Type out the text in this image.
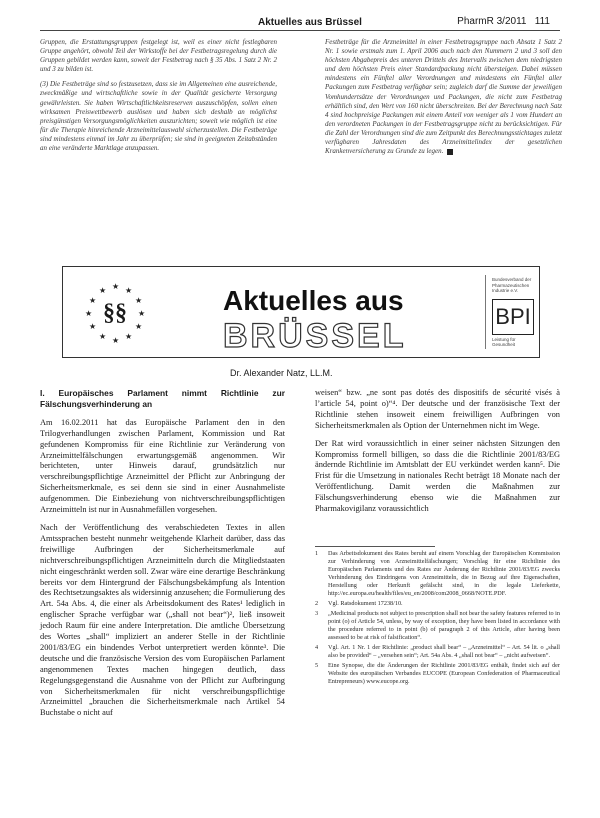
Aktuelles aus Brüssel	PharmR 3/2011 111

Gruppen, die Erstattungsgruppen festgelegt ist, weil es einer nicht festlegbaren Gruppe angehört, obwohl Teil der Wirkstoffe bei der Festbetragsregelung durch die Gruppen gebildet werden kann, soweit der Festbetrag nach § 35 Abs. 1 Satz 2 Nr. 2 und 3 zu bilden ist.

(3) Die Festbeträge sind so festzusetzen, dass sie im Allgemeinen eine ausreichende, zweckmäßige und wirtschaftliche sowie in der Qualität gesicherte Versorgung gewährleisten. Sie haben Wirtschaftlichkeitsreserven auszuschöpfen, sollen einen wirksamen Preiswettbewerb auslösen und haben sich deshalb an möglichst preisgünstigen Versorgungsmöglichkeiten auszurichten; soweit wie möglich ist eine für die Therapie hinreichende Arzneimittelauswahl sicherzustellen. Die Festbeträge sind mindestens einmal im Jahr zu überprüfen; sie sind in geeigneten Zeitabständen an eine veränderte Marktlage anzupassen.

Festbeträge für die Arzneimittel in einer Festbetragsgruppe nach Absatz 1 Satz 2 Nr. 1 sowie erstmals zum 1. April 2006 auch nach den Nummern 2 und 3 soll den höchsten Abgabepreis des unteren Drittels des Intervalls zwischen dem niedrigsten und dem höchsten Preis einer Standardpackung nicht übersteigen. Dabei müssen mindestens ein Fünftel aller Verordnungen und mindestens ein Fünftel aller Packungen zum Festbetrag verfügbar sein; zugleich darf die Summe der jeweiligen Vomhundertsätze der Verordnungen und Packungen, die nicht zum Festbetrag erhältlich sind, den Wert von 160 nicht überschreiten. Bei der Berechnung nach Satz 4 sind hochpreisige Packungen mit einem Anteil von weniger als 1 vom Hundert an den verordneten Packungen in der Festbetragsgruppe nicht zu berücksichtigen. Für die Zahl der Verordnungen sind die zum Zeitpunkt des Berechnungsstichtages zuletzt verfügbaren Jahresdaten des Arzneimittelindex der gesetzlichen Krankenversicherung zu Grunde zu legen.

★ ★
★
★
★
★
★
★
★
★
★
★
§§	Aktuelles aus
BRÜSSEL
Bundesverband der Pharmazeutischen Industrie e.V.
BPI
Leistung für Gesundheit
Dr. Alexander Natz, LL.M.
I. Europäisches Parlament nimmt Richtlinie zur Fälschungsverhinderung an

Am 16.02.2011 hat das Europäische Parlament den in den Trilogverhandlungen zwischen Parlament, Kommission und Rat gefundenen Kompromiss für eine Richtlinie zur Veränderung von Arzneimittelfälschungen erwartungsgemäß angenommen. Wir berichteten, unter Hinweis darauf, grundsätzlich nur verschreibungspflichtige Arzneimittel der Pflicht zur Anbringung der Sicherheitsmerkmale, es sei denn sie sind in einer Ausnahmeliste aufgenommen. Die Einbeziehung von nichtverschreibungspflichtigen Arzneimitteln ist nur in Ausnahmefällen vorgesehen.

Nach der Veröffentlichung des verabschiedeten Textes in allen Amtssprachen besteht nunmehr weitgehende Klarheit darüber, dass das freiwillige Aufbringen der Sicherheitsmerkmale auf nichtverschreibungspflichtigen Arzneimitteln durch die Mitgliedstaaten nicht eingeschränkt werden soll. Zwar wäre eine derartige Beschränkung bereits vor dem Hintergrund der Fälschungsbekämpfung als Intention des Rechtsetzungsaktes als widersinnig anzusehen; die Formulierung des Art. 54a Abs. 4, die einer als Arbeitsdokument des Rates¹ lediglich in englischer Sprache verfügbar war („shall not bear“)², ließ insoweit jedoch Raum für eine andere Interpretation. Die amtliche Übersetzung des Wortes „shall“ impliziert an anderer Stelle in der Richtlinie 2001/83/EG ein bindendes Verbot unterpretiert werden könnte³. Die deutsche und die französische Version des vom Europäischen Parlament angenommenen Textes machen hingegen deutlich, dass Regelungsgegenstand die Ausnahme von der Pflicht zur Aufbringung von Sicherheitsmerkmalen für nicht verschreibungspflichtige Arzneimittel „brauchen die Sicherheitsmerkmale nach Artikel 54 Buchstabe o nicht auf

weisen“ bzw. „ne sont pas dotés des dispositifs de sécurité visés à l’article 54, point o)“⁴. Der deutsche und der französische Text der Richtlinie stehen insoweit einem freiwilligen Aufbringen von Sicherheitsmerkmalen als Option der Unternehmen nicht im Wege.

Der Rat wird voraussichtlich in einer seiner nächsten Sitzungen den Kompromiss formell billigen, so dass die die Richtlinie 2001/83/EG ändernde Richtlinie im Amtsblatt der EU verkündet werden kann⁵. Die Frist für die Umsetzung in nationales Recht beträgt 18 Monate nach der Veröffentlichung. Damit werden die Maßnahmen zur Fälschungsverhinderung ebenso wie die Maßnahmen zur Pharmakovigilanz voraussichtlich

1	Das Arbeitsdokument des Rates beruht auf einem Vorschlag der Europäischen Kommission zur Verhinderung von Arzneimittelfälschungen; Vorschlag für eine Richtlinie des Europäischen Parlaments und des Rates zur Änderung der Richtlinie 2001/83/EG zwecks Verhinderung des Eindringens von Arzneimitteln, die in Bezug auf ihre Eigenschaften, Herstellung oder Herkunft gefälscht sind, in die legale Lieferkette, http://ec.europa.eu/health/files/eu_en/2008/com2008_0668/NOTE.PDF.
2	Vgl. Ratsdokument 17238/10.
3	„Medicinal products not subject to prescription shall not bear the safety features referred to in point (o) of Article 54, unless, by way of exception, they have been listed in accordance with the procedure referred to in point (b) of paragraph 2 of this Article, after having been assessed to be at risk of falsification“.
4	Vgl. Art. 1 Nr. 1 der Richtlinie: „product shall bear“ – „Arzneimittel“ – Art. 54 lit. o „shall also be provided“ – „versehen sein“; Art. 54a Abs. 4 „shall not bear“ – „nicht aufweisen“.
5	Eine Synopse, die die Änderungen der Richtlinie 2001/83/EG enthält, findet sich auf der Website des europäischen Verbandes EUCOPE (European Confederation of Pharmaceutical Entrepreneurs) www.eucope.org.
